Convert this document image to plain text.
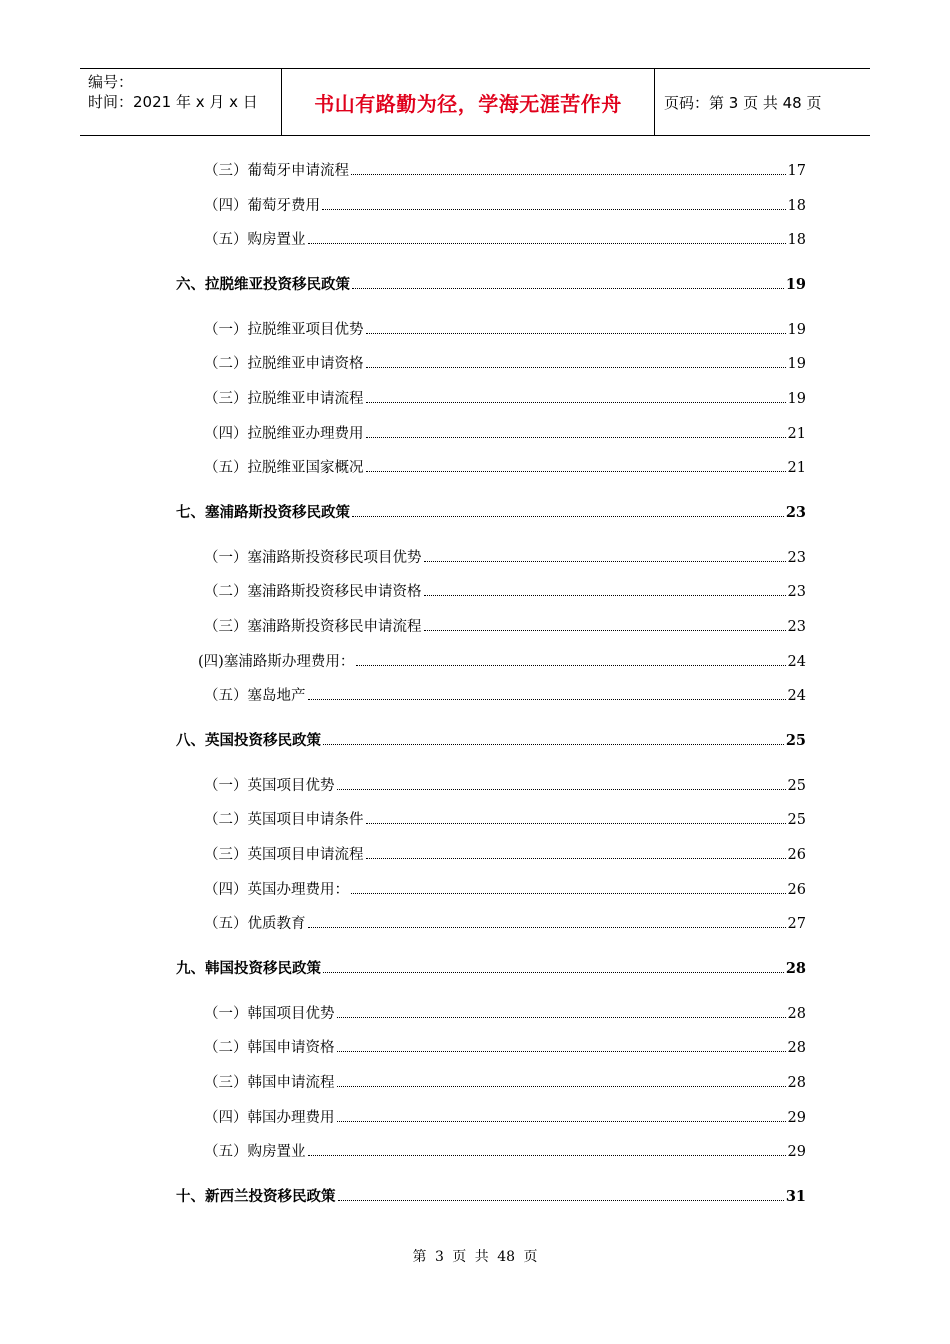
编号：
时间：2021 年 x 月 x 日	书山有路勤为径，学海无涯苦作舟	页码：第 3 页 共 48 页
（三）葡萄牙申请流程	17
（四）葡萄牙费用	18
（五）购房置业	18
六、拉脱维亚投资移民政策	19
（一）拉脱维亚项目优势	19
（二）拉脱维亚申请资格	19
（三）拉脱维亚申请流程	19
（四）拉脱维亚办理费用	21
（五）拉脱维亚国家概况	21
七、塞浦路斯投资移民政策	23
（一）塞浦路斯投资移民项目优势	23
（二）塞浦路斯投资移民申请资格	23
（三）塞浦路斯投资移民申请流程	23
(四)塞浦路斯办理费用：	24
（五）塞岛地产	24
八、英国投资移民政策	25
（一）英国项目优势	25
（二）英国项目申请条件	25
（三）英国项目申请流程	26
（四）英国办理费用：	26
（五）优质教育	27
九、韩国投资移民政策	28
（一）韩国项目优势	28
（二）韩国申请资格	28
（三）韩国申请流程	28
（四）韩国办理费用	29
（五）购房置业	29
十、新西兰投资移民政策	31
第 3 页 共 48 页
